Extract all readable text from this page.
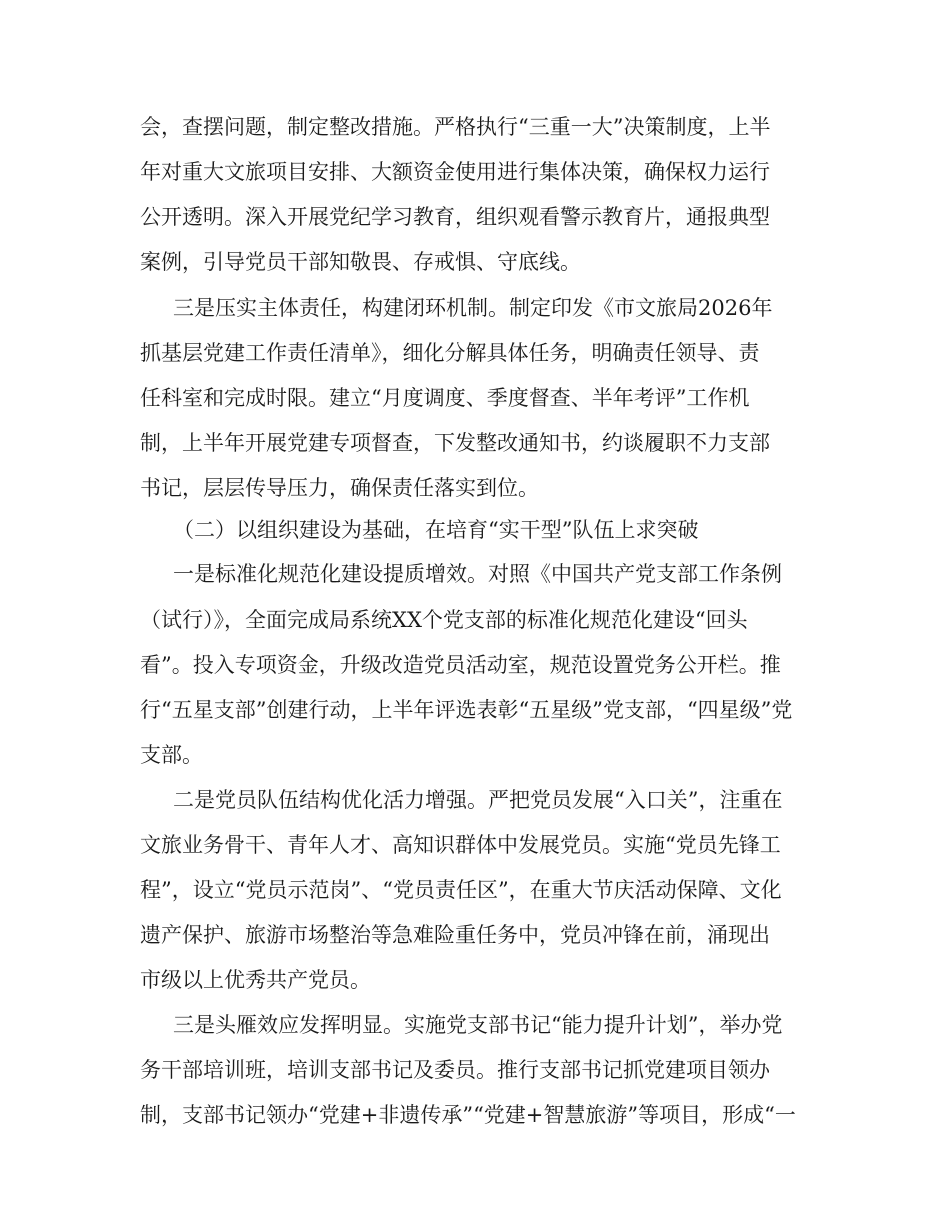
会，查摆问题，制定整改措施。严格执行“三重一大”决策制度，上半
年对重大文旅项目安排、大额资金使用进行集体决策，确保权力运行
公开透明。深入开展党纪学习教育，组织观看警示教育片，通报典型
案例，引导党员干部知敬畏、存戒惧、守底线。
三是压实主体责任，构建闭环机制。制定印发《市文旅局2026年
抓基层党建工作责任清单》，细化分解具体任务，明确责任领导、责
任科室和完成时限。建立“月度调度、季度督查、半年考评”工作机
制，上半年开展党建专项督查，下发整改通知书，约谈履职不力支部
书记，层层传导压力，确保责任落实到位。
（二）以组织建设为基础，在培育“实干型”队伍上求突破
一是标准化规范化建设提质增效。对照《中国共产党支部工作条例
（试行）》，全面完成局系统XX个党支部的标准化规范化建设“回头
看”。投入专项资金，升级改造党员活动室，规范设置党务公开栏。推
行“五星支部”创建行动，上半年评选表彰“五星级”党支部，“四星级”党
支部。
二是党员队伍结构优化活力增强。严把党员发展“入口关”，注重在
文旅业务骨干、青年人才、高知识群体中发展党员。实施“党员先锋工
程”，设立“党员示范岗”、“党员责任区”，在重大节庆活动保障、文化
遗产保护、旅游市场整治等急难险重任务中，党员冲锋在前，涌现出
市级以上优秀共产党员。
三是头雁效应发挥明显。实施党支部书记“能力提升计划”，举办党
务干部培训班，培训支部书记及委员。推行支部书记抓党建项目领办
制，支部书记领办“党建+非遗传承”“党建+智慧旅游”等项目，形成“一
